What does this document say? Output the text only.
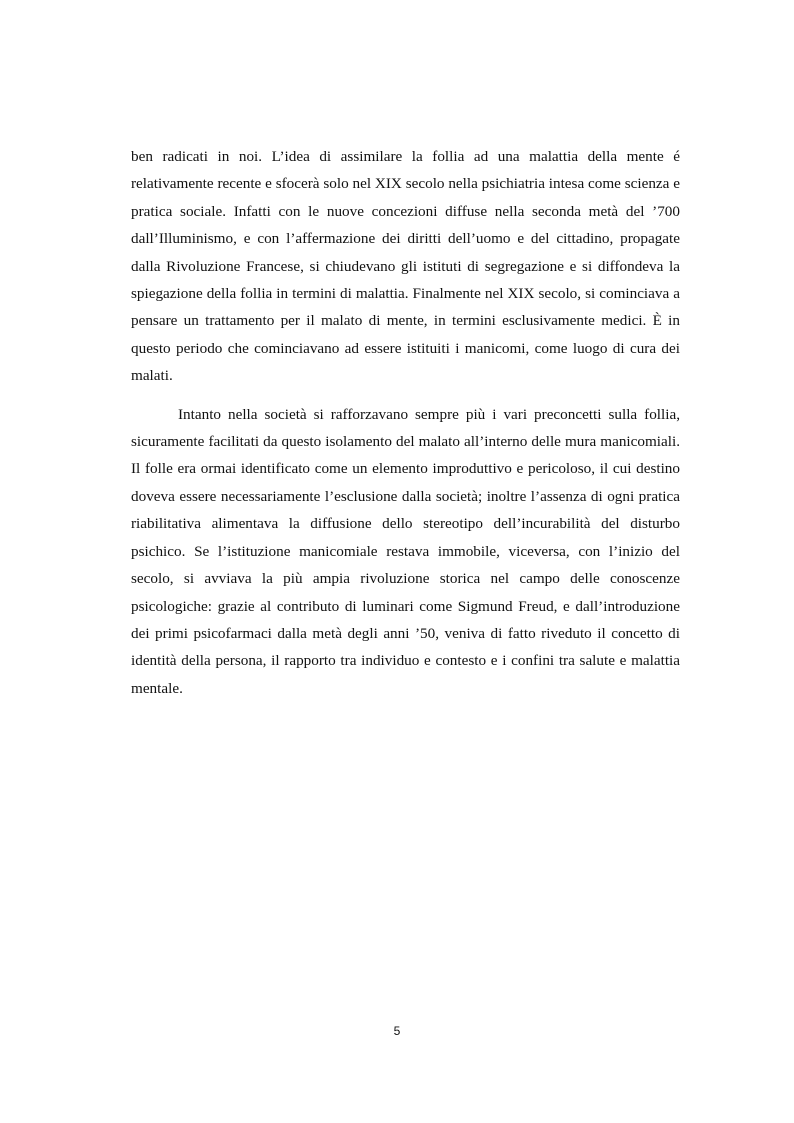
ben radicati in noi. L’idea di assimilare la follia ad una malattia della mente é relativamente recente e sfocerà solo nel XIX secolo nella psichiatria intesa come scienza e pratica sociale. Infatti con le nuove concezioni diffuse nella seconda metà del ’700 dall’Illuminismo, e con l’affermazione dei diritti dell’uomo e del cittadino, propagate dalla Rivoluzione Francese, si chiudevano gli istituti di segregazione e si diffondeva la spiegazione della follia in termini di malattia. Finalmente nel XIX secolo, si cominciava a pensare un trattamento per il malato di mente, in termini esclusivamente medici. È in questo periodo che cominciavano ad essere istituiti i manicomi, come luogo di cura dei malati.

Intanto nella società si rafforzavano sempre più i vari preconcetti sulla follia, sicuramente facilitati da questo isolamento del malato all’interno delle mura manicomiali. Il folle era ormai identificato come un elemento improduttivo e pericoloso, il cui destino doveva essere necessariamente l’esclusione dalla società; inoltre l’assenza di ogni pratica riabilitativa alimentava la diffusione dello stereotipo dell’incurabilità del disturbo psichico. Se l’istituzione manicomiale restava immobile, viceversa, con l’inizio del secolo, si avviava la più ampia rivoluzione storica nel campo delle conoscenze psicologiche: grazie al contributo di luminari come Sigmund Freud, e dall’introduzione dei primi psicofarmaci dalla metà degli anni ’50, veniva di fatto riveduto il concetto di identità della persona, il rapporto tra individuo e contesto e i confini tra salute e malattia mentale.

5
